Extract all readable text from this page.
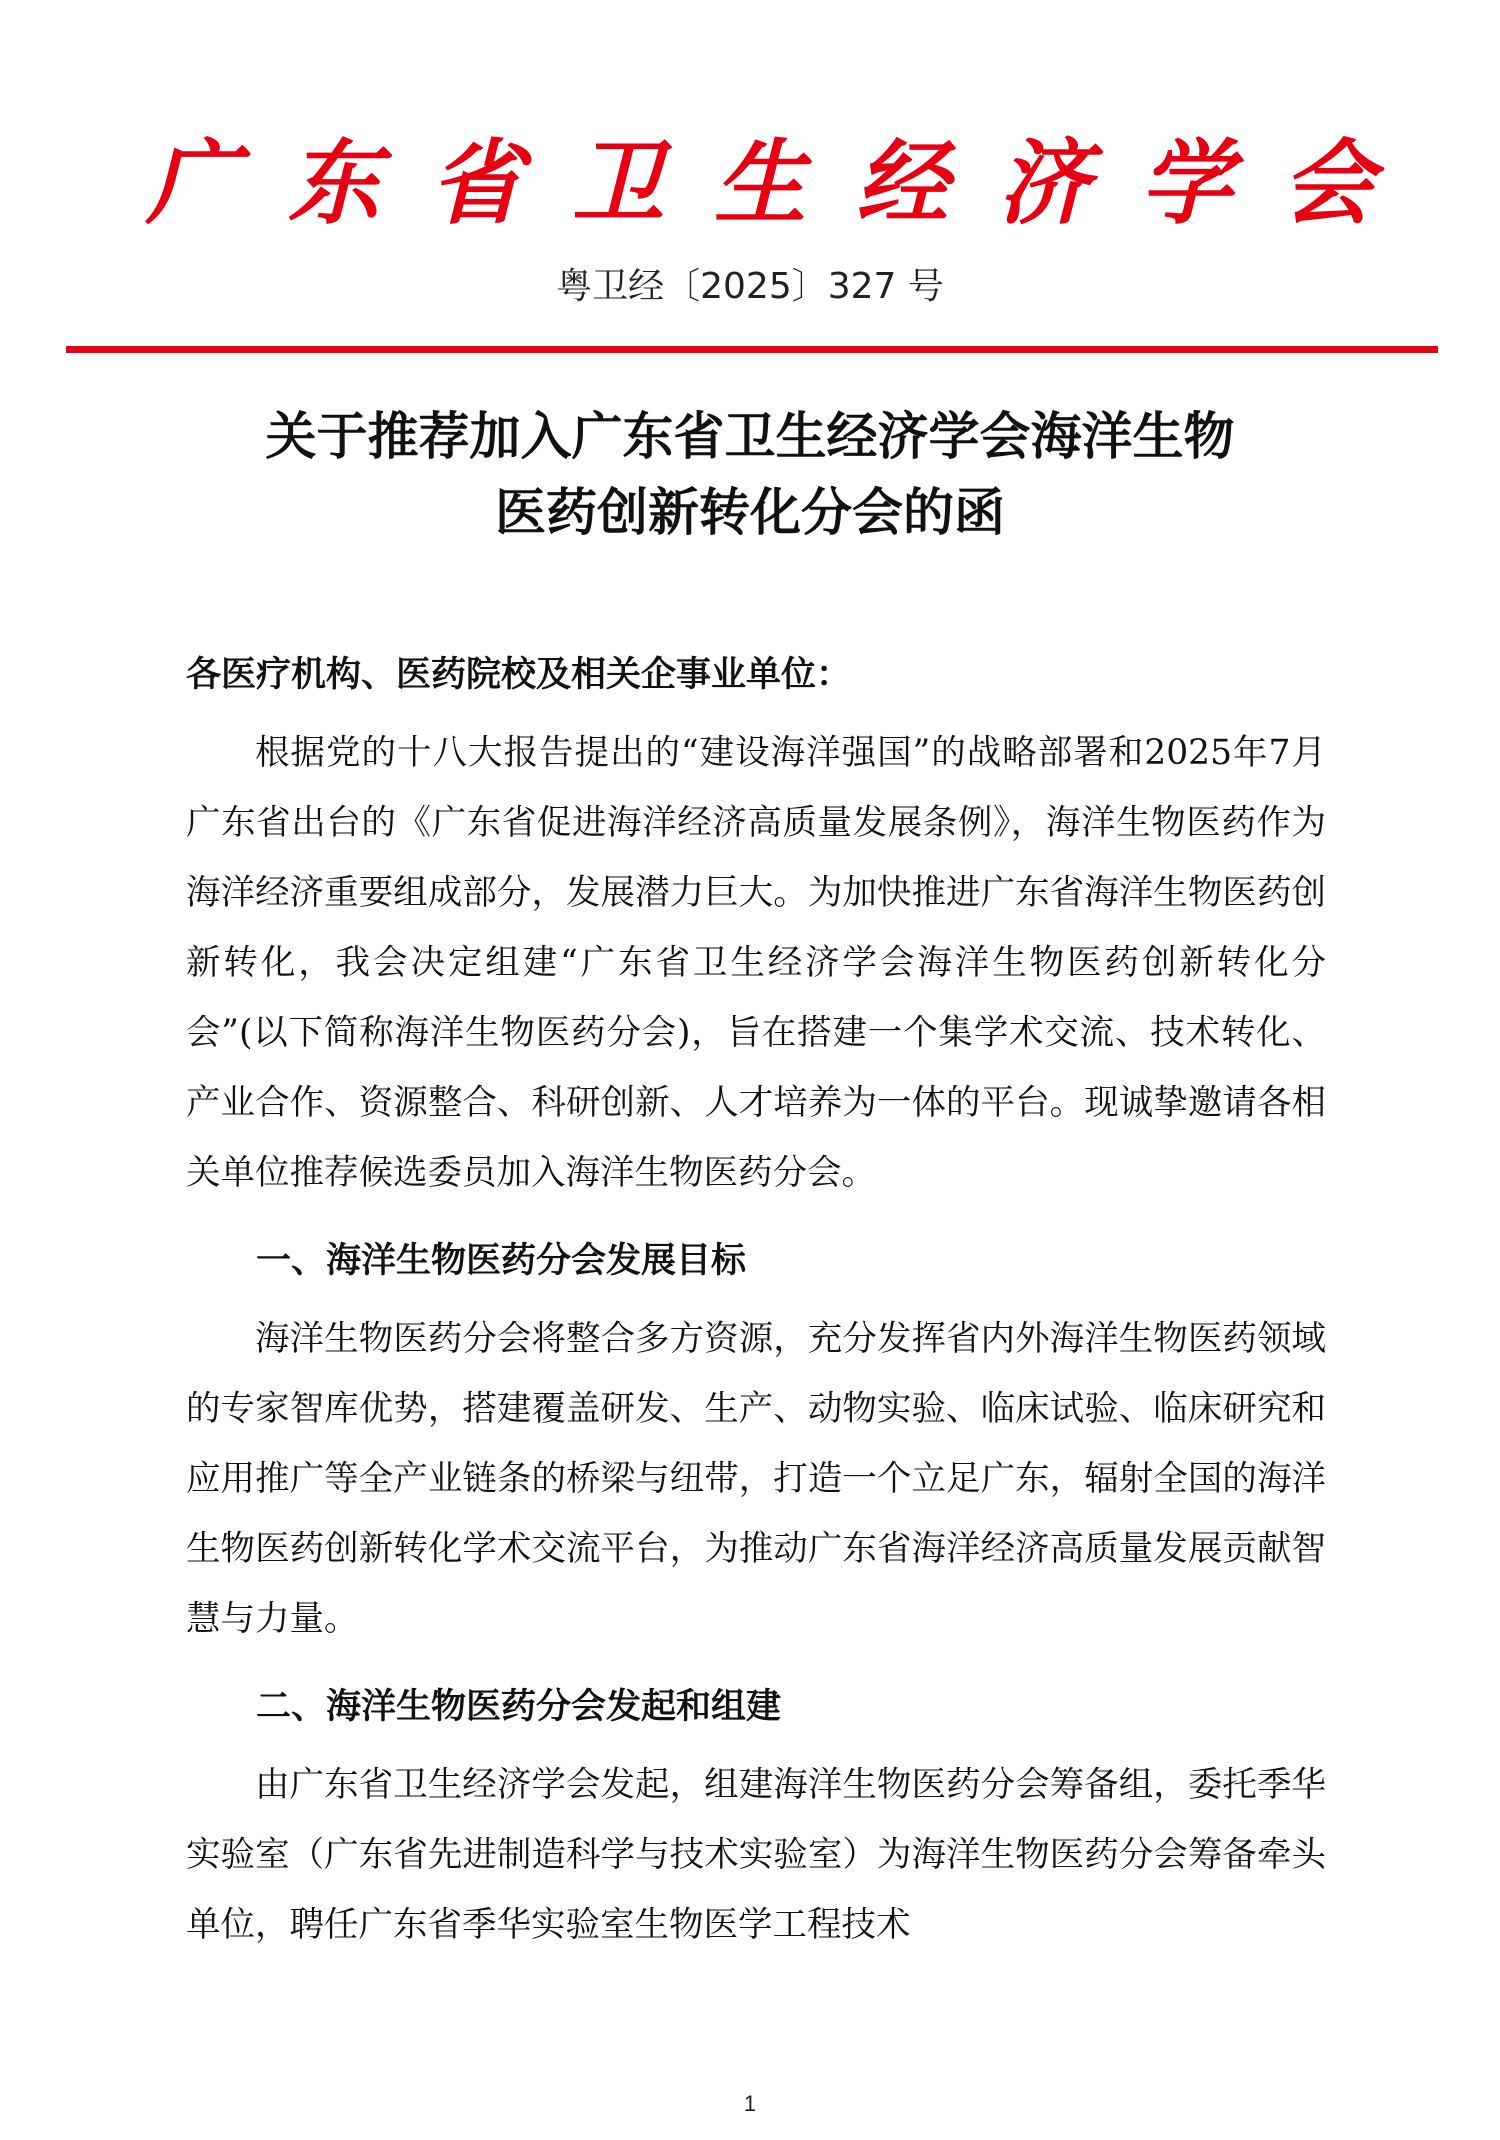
广东省卫生经济学会
粤卫经〔2025〕327 号
关于推荐加入广东省卫生经济学会海洋生物
医药创新转化分会的函

各医疗机构、医药院校及相关企事业单位：

根据党的十八大报告提出的“建设海洋强国”的战略部署和2025年7月广东省出台的《广东省促进海洋经济高质量发展条例》，海洋生物医药作为海洋经济重要组成部分，发展潜力巨大。为加快推进广东省海洋生物医药创新转化，我会决定组建“广东省卫生经济学会海洋生物医药创新转化分会”(以下简称海洋生物医药分会)，旨在搭建一个集学术交流、技术转化、产业合作、资源整合、科研创新、人才培养为一体的平台。现诚挚邀请各相关单位推荐候选委员加入海洋生物医药分会。

一、海洋生物医药分会发展目标

海洋生物医药分会将整合多方资源，充分发挥省内外海洋生物医药领域的专家智库优势，搭建覆盖研发、生产、动物实验、临床试验、临床研究和应用推广等全产业链条的桥梁与纽带，打造一个立足广东，辐射全国的海洋生物医药创新转化学术交流平台，为推动广东省海洋经济高质量发展贡献智慧与力量。

二、海洋生物医药分会发起和组建

由广东省卫生经济学会发起，组建海洋生物医药分会筹备组，委托季华实验室（广东省先进制造科学与技术实验室）为海洋生物医药分会筹备牵头单位，聘任广东省季华实验室生物医学工程技术

1
